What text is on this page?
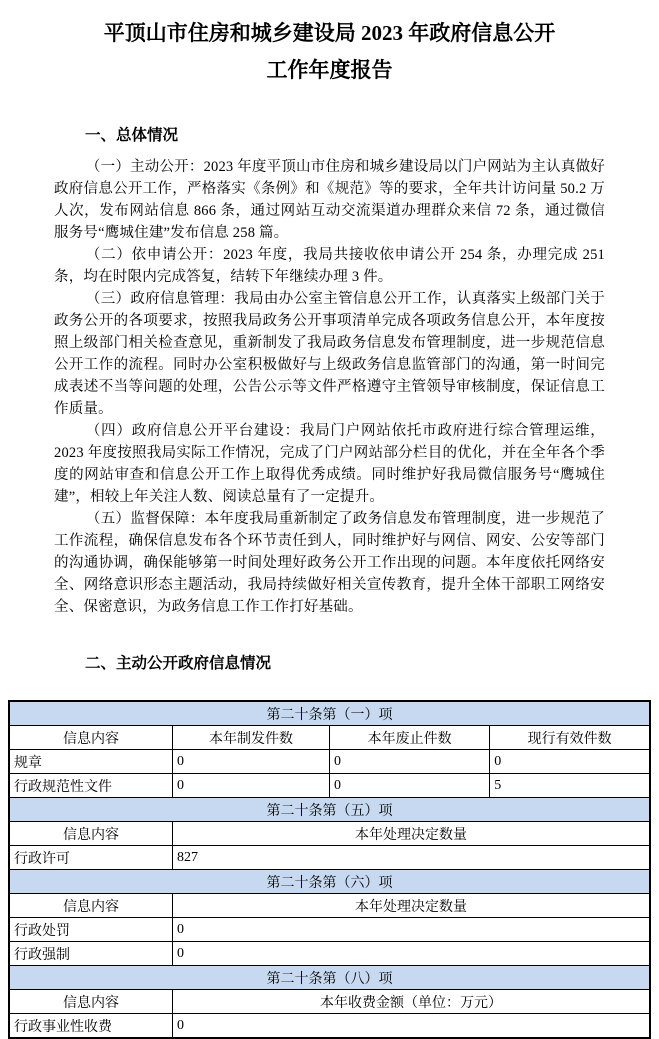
平顶山市住房和城乡建设局 2023 年政府信息公开
工作年度报告
一、总体情况

（一）主动公开：2023 年度平顶山市住房和城乡建设局以门户网站为主认真做好政府信息公开工作，严格落实《条例》和《规范》等的要求，全年共计访问量 50.2 万人次，发布网站信息 866 条，通过网站互动交流渠道办理群众来信 72 条，通过微信服务号“鹰城住建”发布信息 258 篇。

（二）依申请公开：2023 年度，我局共接收依申请公开 254 条，办理完成 251 条，均在时限内完成答复，结转下年继续办理 3 件。

（三）政府信息管理：我局由办公室主管信息公开工作，认真落实上级部门关于政务公开的各项要求，按照我局政务公开事项清单完成各项政务信息公开，本年度按照上级部门相关检查意见，重新制发了我局政务信息发布管理制度，进一步规范信息公开工作的流程。同时办公室积极做好与上级政务信息监管部门的沟通，第一时间完成表述不当等问题的处理，公告公示等文件严格遵守主管领导审核制度，保证信息工作质量。

（四）政府信息公开平台建设：我局门户网站依托市政府进行综合管理运维，2023 年度按照我局实际工作情况，完成了门户网站部分栏目的优化，并在全年各个季度的网站审查和信息公开工作上取得优秀成绩。同时维护好我局微信服务号“鹰城住建”，相较上年关注人数、阅读总量有了一定提升。

（五）监督保障：本年度我局重新制定了政务信息发布管理制度，进一步规范了工作流程，确保信息发布各个环节责任到人，同时维护好与网信、网安、公安等部门的沟通协调，确保能够第一时间处理好政务公开工作出现的问题。本年度依托网络安全、网络意识形态主题活动，我局持续做好相关宣传教育，提升全体干部职工网络安全、保密意识，为政务信息工作工作打好基础。

二、主动公开政府信息情况
第二十条第（一）项			
信息内容	本年制发件数	本年废止件数	现行有效件数
规章	0	0	0
行政规范性文件	0	0	5
第二十条第（五）项			
信息内容	本年处理决定数量		
行政许可	827		
第二十条第（六）项			
信息内容	本年处理决定数量		
行政处罚	0		
行政强制	0		
第二十条第（八）项			
信息内容	本年收费金额（单位：万元）		
行政事业性收费	0		
